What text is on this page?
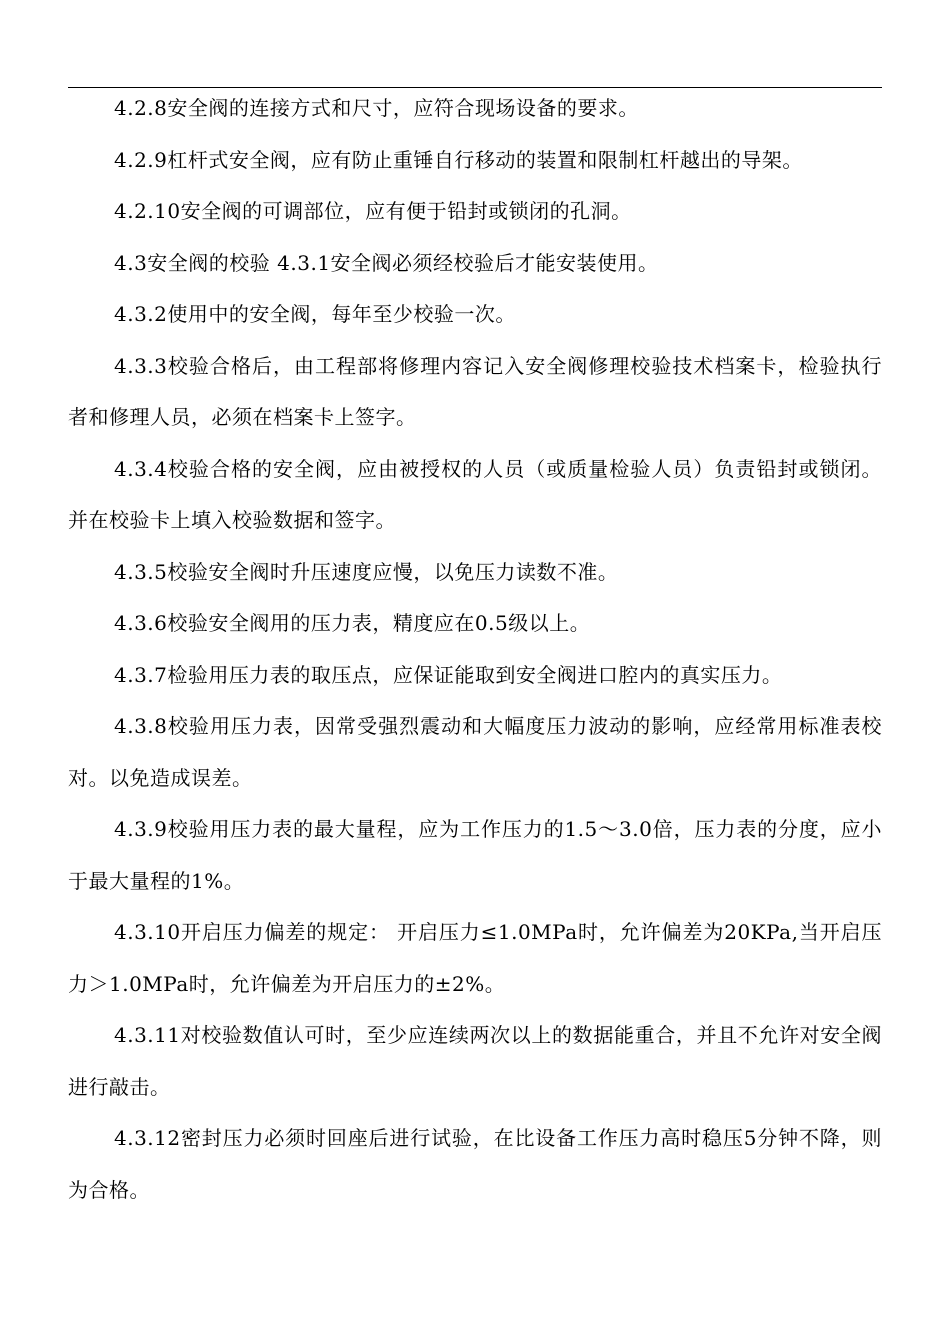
4.2.8安全阀的连接方式和尺寸，应符合现场设备的要求。

4.2.9杠杆式安全阀，应有防止重锤自行移动的装置和限制杠杆越出的导架。

4.2.10安全阀的可调部位，应有便于铅封或锁闭的孔洞。

4.3安全阀的校验 4.3.1安全阀必须经校验后才能安装使用。

4.3.2使用中的安全阀，每年至少校验一次。

4.3.3校验合格后，由工程部将修理内容记入安全阀修理校验技术档案卡，检验执行者和修理人员，必须在档案卡上签字。

4.3.4校验合格的安全阀，应由被授权的人员（或质量检验人员）负责铅封或锁闭。并在校验卡上填入校验数据和签字。

4.3.5校验安全阀时升压速度应慢，以免压力读数不准。

4.3.6校验安全阀用的压力表，精度应在0.5级以上。

4.3.7检验用压力表的取压点，应保证能取到安全阀进口腔内的真实压力。

4.3.8校验用压力表，因常受强烈震动和大幅度压力波动的影响，应经常用标准表校对。以免造成误差。

4.3.9校验用压力表的最大量程，应为工作压力的1.5～3.0倍，压力表的分度，应小于最大量程的1%。

4.3.10开启压力偏差的规定： 开启压力≤1.0MPa时，允许偏差为20KPa,当开启压力＞1.0MPa时，允许偏差为开启压力的±2%。

4.3.11对校验数值认可时，至少应连续两次以上的数据能重合，并且不允许对安全阀进行敲击。

4.3.12密封压力必须时回座后进行试验，在比设备工作压力高时稳压5分钟不降，则为合格。
